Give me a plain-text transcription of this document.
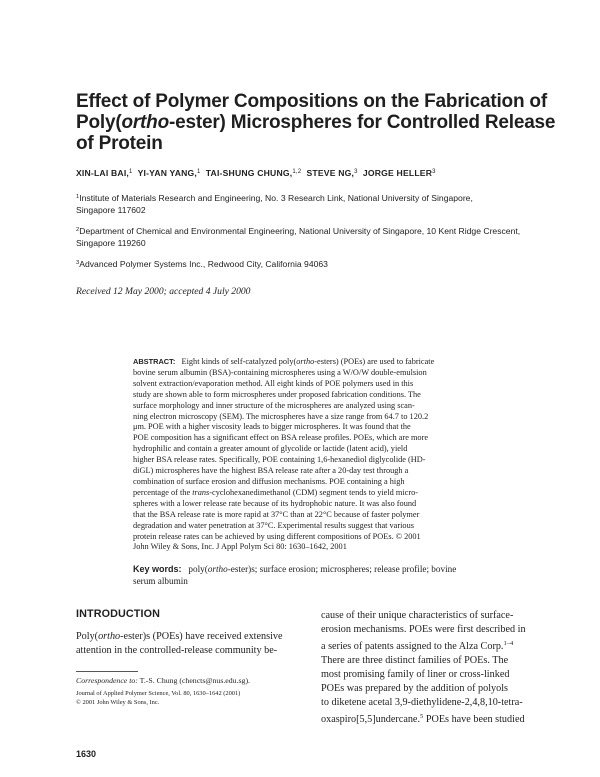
Effect of Polymer Compositions on the Fabrication of
Poly(ortho-ester) Microspheres for Controlled Release
of Protein
XIN-LAI BAI,$^1$ YI-YAN YANG,$^1$ TAI-SHUNG CHUNG,$^{1,2}$ STEVE NG,$^3$ JORGE HELLER$^3$
$^1$Institute of Materials Research and Engineering, No. 3 Research Link, National University of Singapore,
Singapore 117602
$^2$Department of Chemical and Environmental Engineering, National University of Singapore, 10 Kent Ridge Crescent,
Singapore 119260
$^3$Advanced Polymer Systems Inc., Redwood City, California 94063
Received 12 May 2000; accepted 4 July 2000
ABSTRACT: Eight kinds of self-catalyzed poly(ortho-esters) (POEs) are used to fabricate
bovine serum albumin (BSA)-containing microspheres using a W/O/W double-emulsion
solvent extraction/evaporation method. All eight kinds of POE polymers used in this
study are shown able to form microspheres under proposed fabrication conditions. The
surface morphology and inner structure of the microspheres are analyzed using scan-
ning electron microscopy (SEM). The microspheres have a size range from 64.7 to 120.2
μm. POE with a higher viscosity leads to bigger microspheres. It was found that the
POE composition has a significant effect on BSA release profiles. POEs, which are more
hydrophilic and contain a greater amount of glycolide or lactide (latent acid), yield
higher BSA release rates. Specifically, POE containing 1,6-hexanediol diglycolide (HD-
diGL) microspheres have the highest BSA release rate after a 20-day test through a
combination of surface erosion and diffusion mechanisms. POE containing a high
percentage of the trans-cyclohexanedimethanol (CDM) segment tends to yield micro-
spheres with a lower release rate because of its hydrophobic nature. It was also found
that the BSA release rate is more rapid at 37°C than at 22°C because of faster polymer
degradation and water penetration at 37°C. Experimental results suggest that various
protein release rates can be achieved by using different compositions of POEs. © 2001
John Wiley & Sons, Inc. J Appl Polym Sci 80: 1630–1642, 2001
Key words: poly(ortho-ester)s; surface erosion; microspheres; release profile; bovine
serum albumin
INTRODUCTION
Poly(ortho-ester)s (POEs) have received extensive
attention in the controlled-release community be-
cause of their unique characteristics of surface-
erosion mechanisms. POEs were first described in
a series of patents assigned to the Alza Corp.$^{1-4}$
There are three distinct families of POEs. The
most promising family of liner or cross-linked
POEs was prepared by the addition of polyols
to diketene acetal 3,9-diethylidene-2,4,8,10-tetra-
oxaspiro[5,5]undercane.$^5$ POEs have been studied
Correspondence to: T.-S. Chung (chencts@nus.edu.sg).
Journal of Applied Polymer Science, Vol. 80, 1630–1642 (2001)
© 2001 John Wiley & Sons, Inc.
1630
